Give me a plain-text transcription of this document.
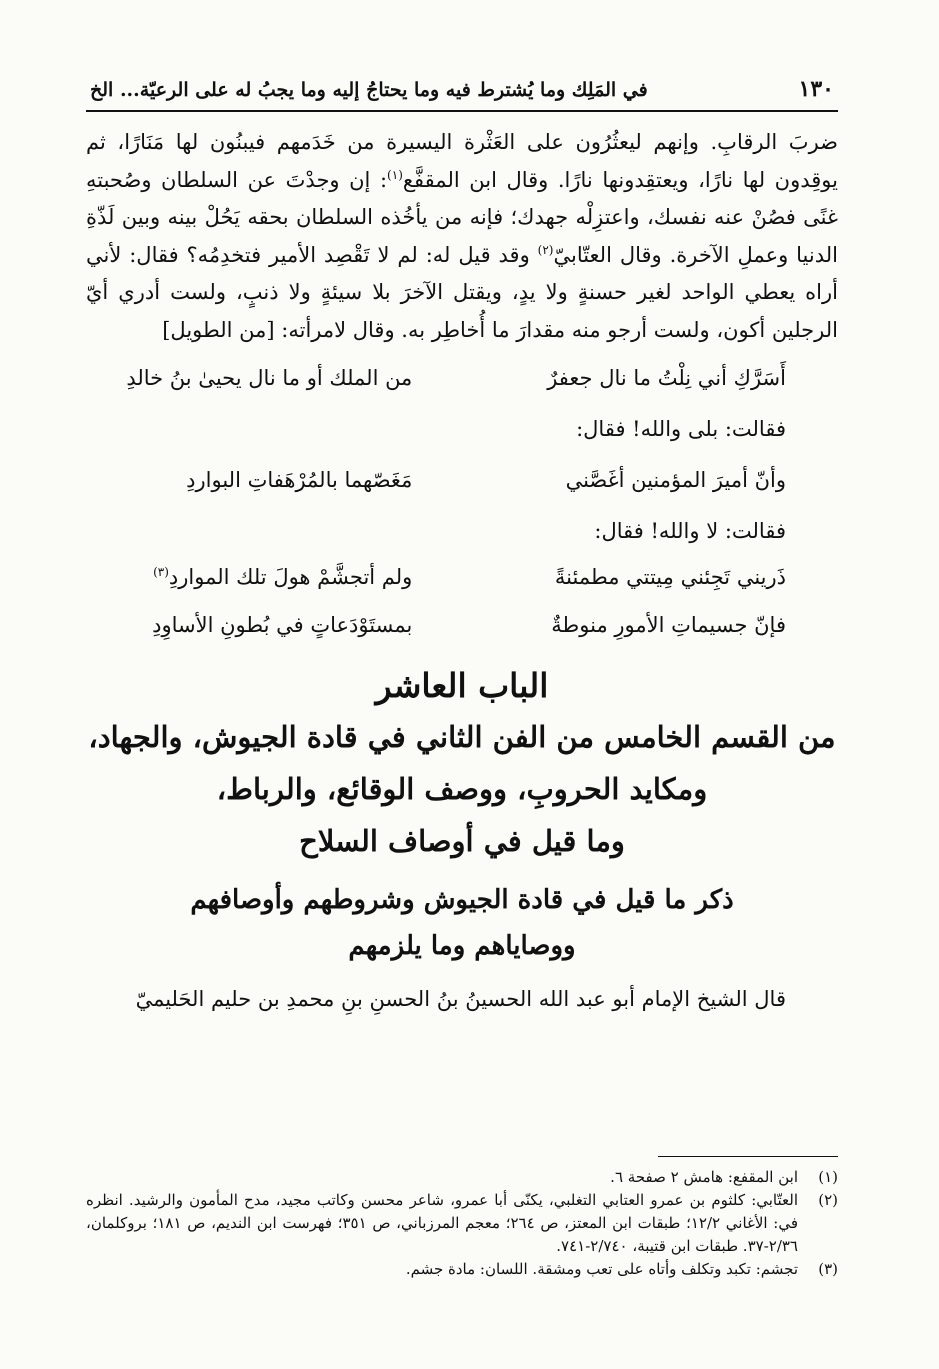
١٣٠
في المَلِك وما يُشترط فيه وما يحتاجُ إليه وما يجبُ له على الرعيّة... الخ

ضربَ الرقابِ. وإنهم ليعثُرُون على العَثْرة اليسيرة من خَدَمهم فيبنُون لها مَنَارًا، ثم يوقِدون لها نارًا، ويعتقِدونها نارًا. وقال ابن المقفَّع$^{(١)}$: إن وجدْتَ عن السلطان وصُحبتهِ غنًى فصُنْ عنه نفسك، واعتزِلْه جهدك؛ فإنه من يأخُذه السلطان بحقه يَحُلْ بينه وبين لَذّةِ الدنيا وعملِ الآخرة. وقال العتّابيّ$^{(٢)}$ وقد قيل له: لم لا تَقْصِد الأمير فتخدِمُه؟ فقال: لأني أراه يعطي الواحد لغير حسنةٍ ولا يدٍ، ويقتل الآخرَ بلا سيئةٍ ولا ذنبٍ، ولست أدري أيّ الرجلين أكون، ولست أرجو منه مقدارَ ما أُخاطِر به. وقال لامرأته: [من الطويل]

أَسَرَّكِ أني نِلْتُ ما نال جعفرٌ
من الملك أو ما نال يحيىٰ بنُ خالدِ
فقالت: بلى والله! فقال:
وأنّ أميرَ المؤمنين أغَصَّني
مَغَصّهما بالمُرْهَفاتِ البواردِ
فقالت: لا والله! فقال:
ذَريني تَجِئني مِيتتي مطمئنةً
ولم أتجشَّمْ هولَ تلك المواردِ$^{(٣)}$
فإنّ جسيماتِ الأمورِ منوطةٌ
بمستَوْدَعاتٍ في بُطونِ الأساوِدِ
الباب العاشر
من القسم الخامس من الفن الثاني في قادة الجيوش، والجهاد،
ومكايد الحروبِ، ووصف الوقائع، والرباط،
وما قيل في أوصاف السلاح
ذكر ما قيل في قادة الجيوش وشروطهم وأوصافهم
ووصاياهم وما يلزمهم
قال الشيخ الإمام أبو عبد الله الحسينُ بنُ الحسنِ بنِ محمدِ بن حليم الحَليميّ
(١)
ابن المقفع: هامش ٢ صفحة ٦.
(٢)
العتّابي: كلثوم بن عمرو العتابي التغلبي، يكنّى أبا عمرو، شاعر محسن وكاتب مجيد، مدح المأمون والرشيد. انظره في: الأغاني ١٢/٢؛ طبقات ابن المعتز، ص ٢٦٤؛ معجم المرزباني، ص ٣٥١؛ فهرست ابن النديم، ص ١٨١؛ بروكلمان، ٢/٣٦-٣٧. طبقات ابن قتيبة، ٢/٧٤٠-٧٤١.
(٣)
تجشم: تكبد وتكلف وأتاه على تعب ومشقة. اللسان: مادة جشم.
